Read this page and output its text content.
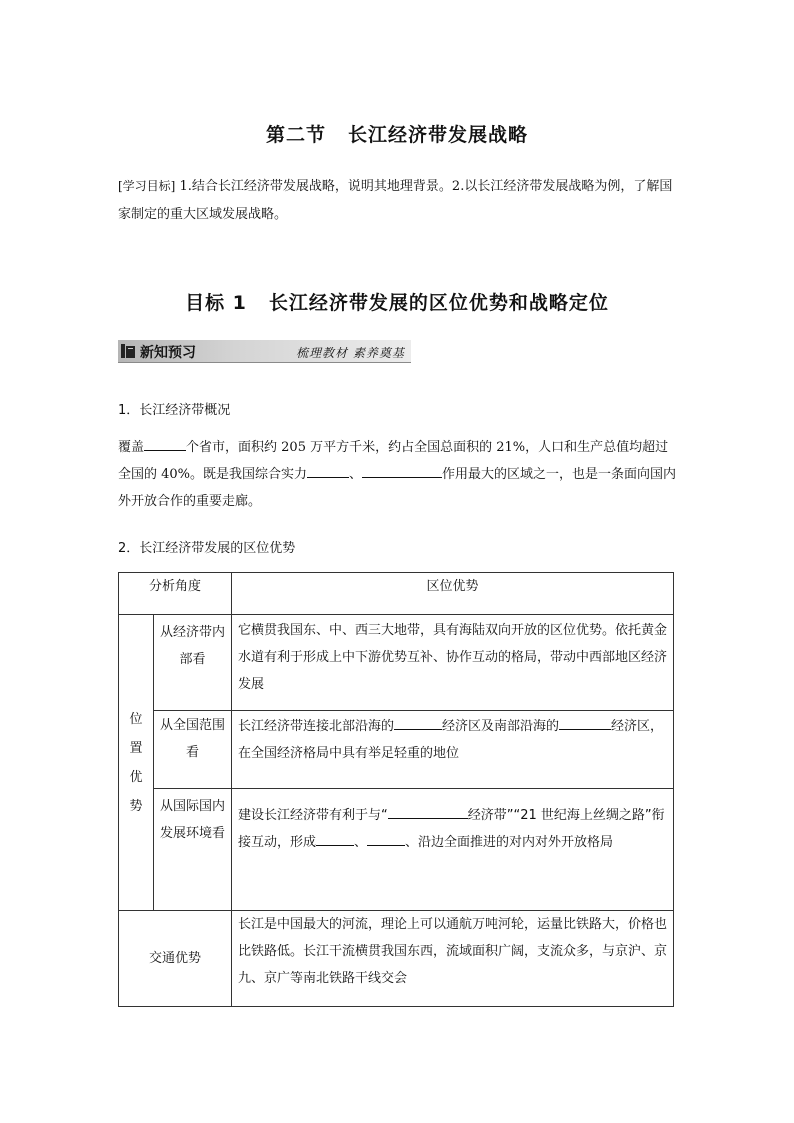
第二节 长江经济带发展战略
[学习目标] 1.结合长江经济带发展战略，说明其地理背景。2.以长江经济带发展战略为例，了解国家制定的重大区域发展战略。
目标 1 长江经济带发展的区位优势和战略定位
新知预习	梳理教材 素养奠基
1．长江经济带概况
覆盖	个省市，面积约 205 万平方千米，约占全国总面积的 21%，人口和生产总值均超过全国的 40%。既是我国综合实力	、	作用最大的区域之一，也是一条面向国内外开放合作的重要走廊。
2．长江经济带发展的区位优势
分析角度		区位优势

位置优势	从经济带内部看	它横贯我国东、中、西三大地带，具有海陆双向开放的区位优势。依托黄金水道有利于形成上中下游优势互补、协作互动的格局，带动中西部地区经济发展
	从全国范围看	长江经济带连接北部沿海的 经济区及南部沿海的 经济区，在全国经济格局中具有举足轻重的地位
	从国际国内发展环境看	建设长江经济带有利于与“ 经济带”“21 世纪海上丝绸之路”衔接互动，形成 、 、沿边全面推进的对内对外开放格局
交通优势		长江是中国最大的河流，理论上可以通航万吨河轮，运量比铁路大，价格也比铁路低。长江干流横贯我国东西，流域面积广阔，支流众多，与京沪、京九、京广等南北铁路干线交会
